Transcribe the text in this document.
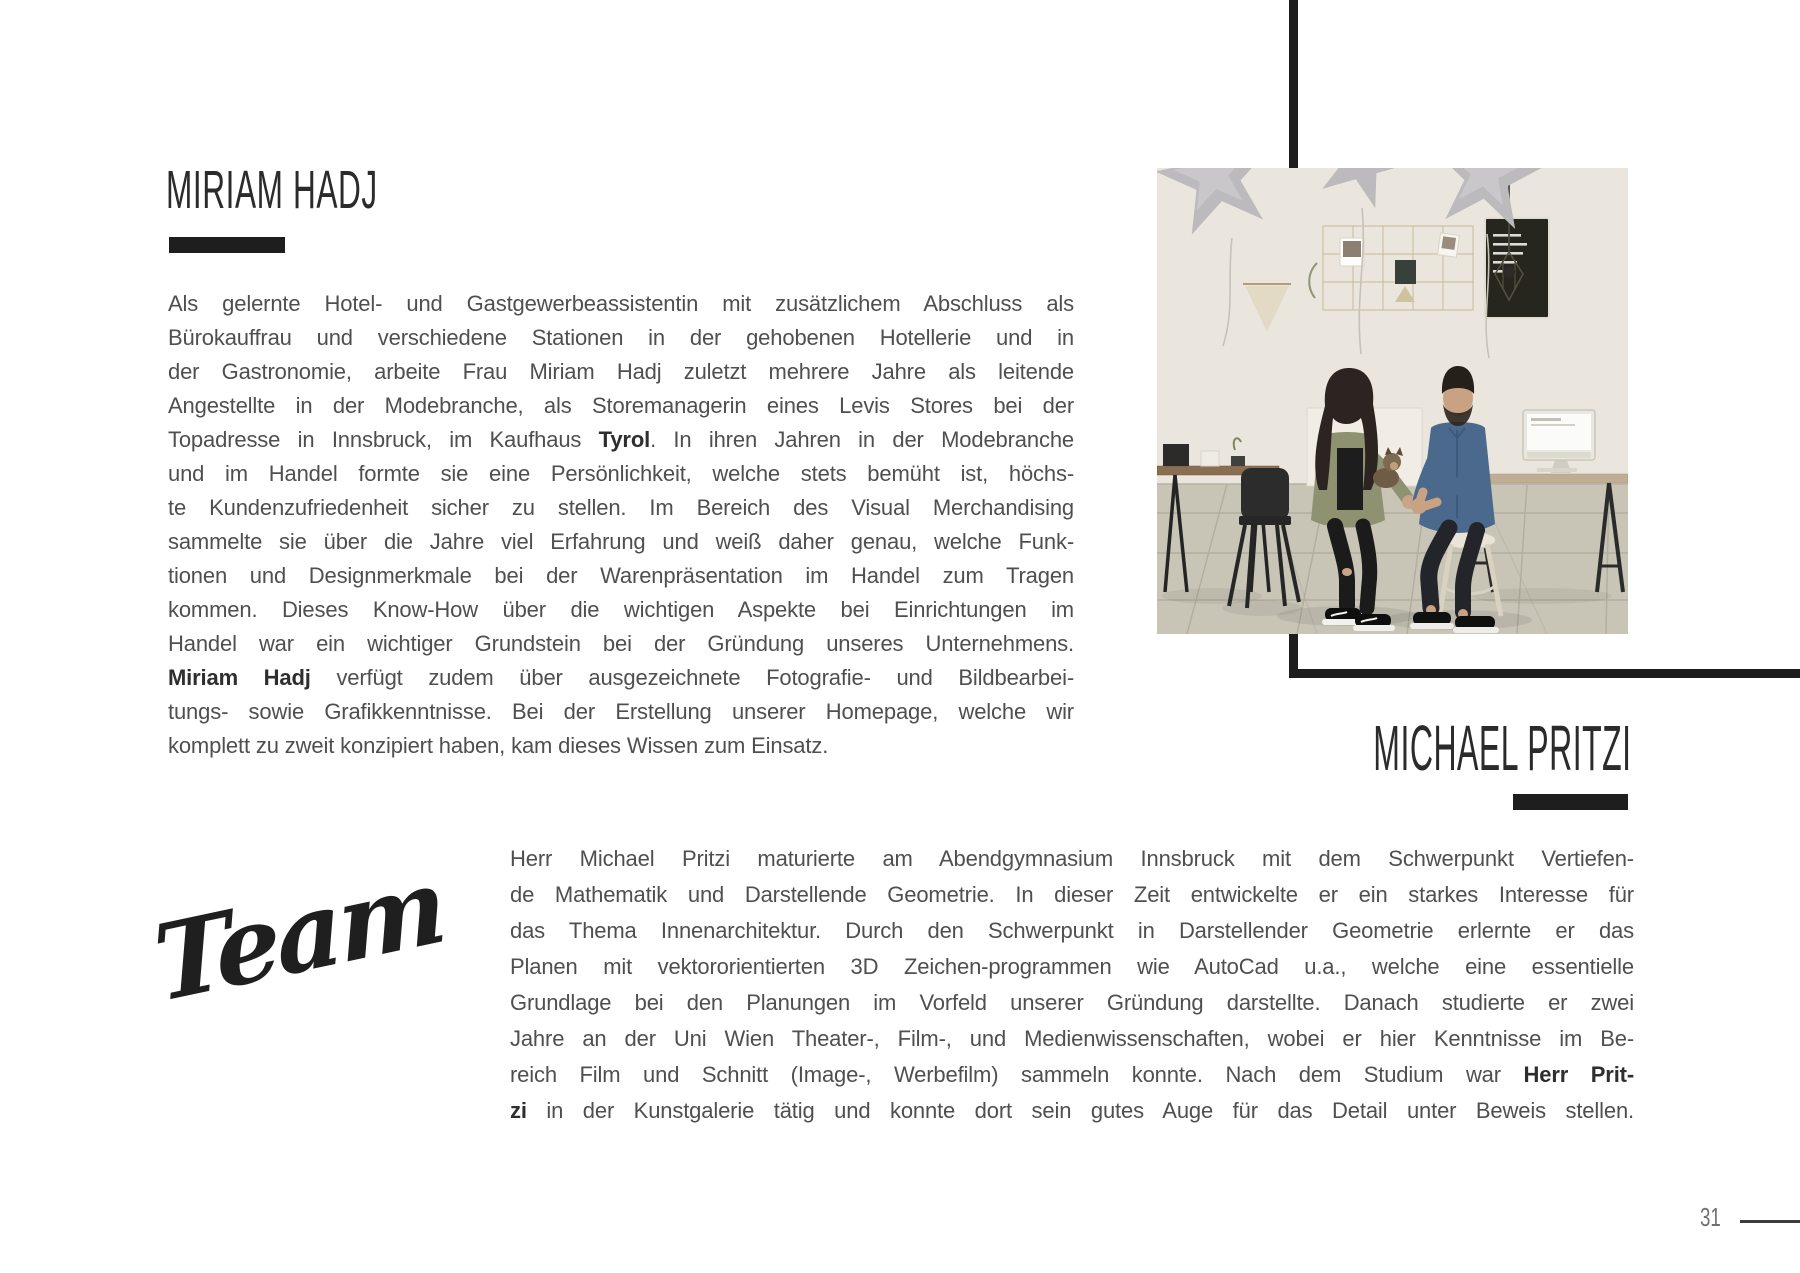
MIRIAM HADJ
Als gelernte Hotel- und Gastgewerbeassistentin mit zusätzlichem Abschluss als
Bürokauffrau und verschiedene Stationen in der gehobenen Hotellerie und in
der Gastronomie, arbeite Frau Miriam Hadj zuletzt mehrere Jahre als leitende
Angestellte in der Modebranche, als Storemanagerin eines Levis Stores bei der
Topadresse in Innsbruck, im Kaufhaus Tyrol. In ihren Jahren in der Modebranche
und im Handel formte sie eine Persönlichkeit, welche stets bemüht ist, höchs-
te Kundenzufriedenheit sicher zu stellen. Im Bereich des Visual Merchandising
sammelte sie über die Jahre viel Erfahrung und weiß daher genau, welche Funk-
tionen und Designmerkmale bei der Warenpräsentation im Handel zum Tragen
kommen. Dieses Know-How über die wichtigen Aspekte bei Einrichtungen im
Handel war ein wichtiger Grundstein bei der Gründung unseres Unternehmens.
Miriam Hadj verfügt zudem über ausgezeichnete Fotografie- und Bildbearbei-
tungs- sowie Grafikkenntnisse. Bei der Erstellung unserer Homepage, welche wir
komplett zu zweit konzipiert haben, kam dieses Wissen zum Einsatz.	MICHAEL PRITZI
Herr Michael Pritzi maturierte am Abendgymnasium Innsbruck mit dem Schwerpunkt Vertiefen-
de Mathematik und Darstellende Geometrie. In dieser Zeit entwickelte er ein starkes Interesse für
das Thema Innenarchitektur. Durch den Schwerpunkt in Darstellender Geometrie erlernte er das
Planen mit vektororientierten 3D Zeichen-programmen wie AutoCad u.a., welche eine essentielle
Grundlage bei den Planungen im Vorfeld unserer Gründung darstellte. Danach studierte er zwei
Jahre an der Uni Wien Theater-, Film-, und Medienwissenschaften, wobei er hier Kenntnisse im Be-
reich Film und Schnitt (Image-, Werbefilm) sammeln konnte. Nach dem Studium war Herr Prit-
zi in der Kunstgalerie tätig und konnte dort sein gutes Auge für das Detail unter Beweis stellen.
Team
31
